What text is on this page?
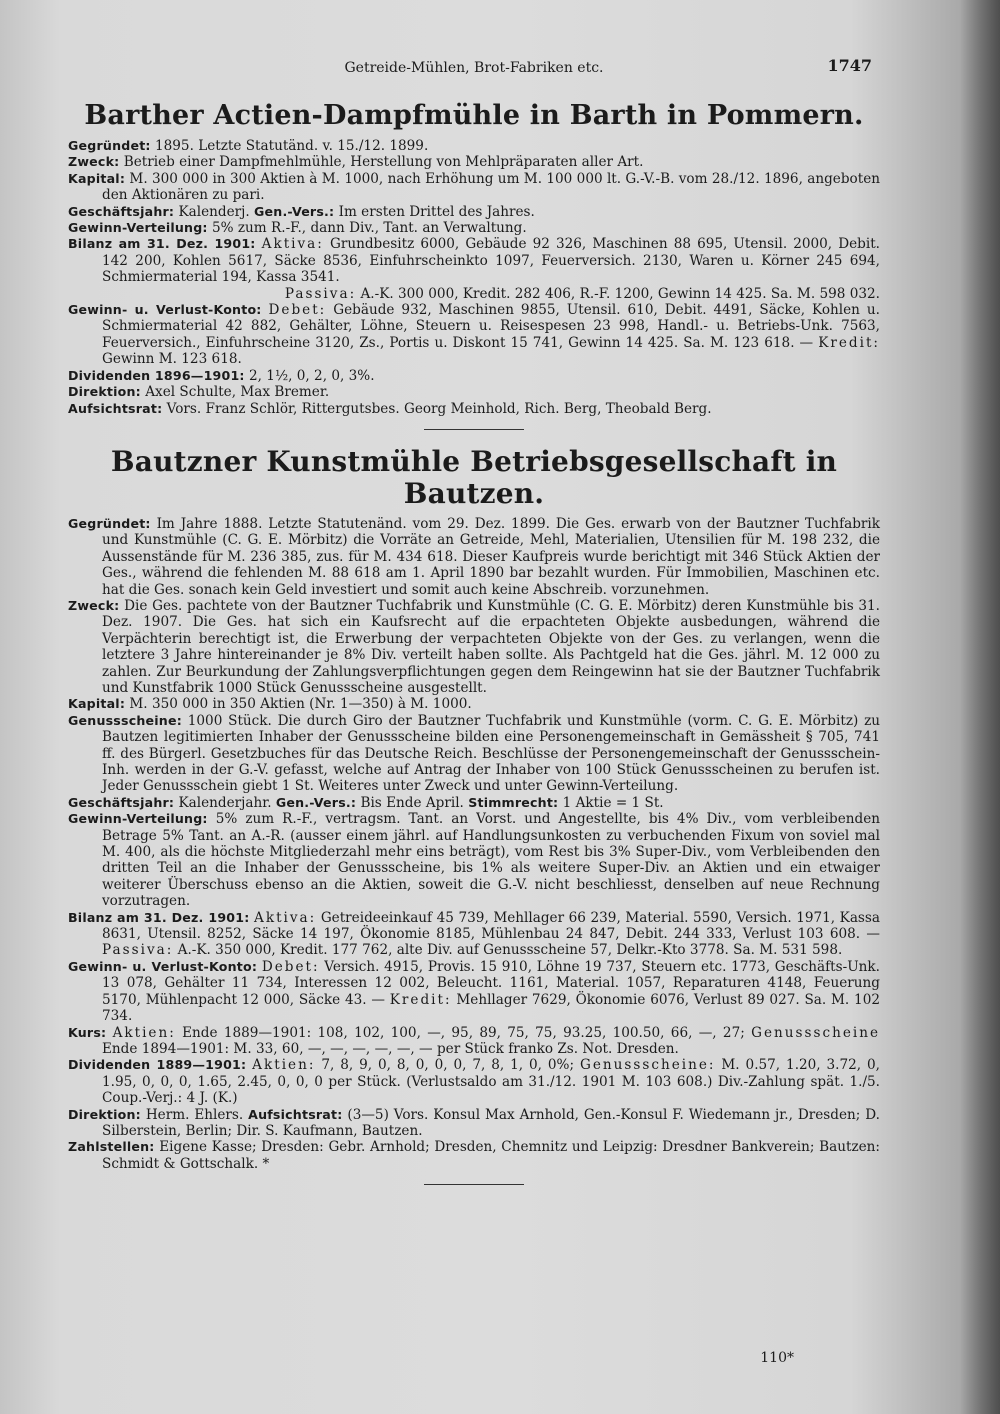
Getreide-Mühlen, Brot-Fabriken etc.	1747
Barther Actien-Dampfmühle in Barth in Pommern.

Gegründet: 1895. Letzte Statutänd. v. 15./12. 1899.

Zweck: Betrieb einer Dampfmehlmühle, Herstellung von Mehlpräparaten aller Art.

Kapital: M. 300 000 in 300 Aktien à M. 1000, nach Erhöhung um M. 100 000 lt. G.-V.-B. vom 28./12. 1896, angeboten den Aktionären zu pari.

Geschäftsjahr: Kalenderj. Gen.-Vers.: Im ersten Drittel des Jahres.

Gewinn-Verteilung: 5% zum R.-F., dann Div., Tant. an Verwaltung.

Bilanz am 31. Dez. 1901: Aktiva: Grundbesitz 6000, Gebäude 92 326, Maschinen 88 695, Utensil. 2000, Debit. 142 200, Kohlen 5617, Säcke 8536, Einfuhrscheinkto 1097, Feuerversich. 2130, Waren u. Körner 245 694, Schmiermaterial 194, Kassa 3541.

Passiva: A.-K. 300 000, Kredit. 282 406, R.-F. 1200, Gewinn 14 425. Sa. M. 598 032.

Gewinn- u. Verlust-Konto: Debet: Gebäude 932, Maschinen 9855, Utensil. 610, Debit. 4491, Säcke, Kohlen u. Schmiermaterial 42 882, Gehälter, Löhne, Steuern u. Reisespesen 23 998, Handl.- u. Betriebs-Unk. 7563, Feuerversich., Einfuhrscheine 3120, Zs., Portis u. Diskont 15 741, Gewinn 14 425. Sa. M. 123 618. — Kredit: Gewinn M. 123 618.

Dividenden 1896—1901: 2, 1½, 0, 2, 0, 3%.

Direktion: Axel Schulte, Max Bremer.

Aufsichtsrat: Vors. Franz Schlör, Rittergutsbes. Georg Meinhold, Rich. Berg, Theobald Berg.

Bautzner Kunstmühle Betriebsgesellschaft in Bautzen.

Gegründet: Im Jahre 1888. Letzte Statutenänd. vom 29. Dez. 1899. Die Ges. erwarb von der Bautzner Tuchfabrik und Kunstmühle (C. G. E. Mörbitz) die Vorräte an Getreide, Mehl, Materialien, Utensilien für M. 198 232, die Aussenstände für M. 236 385, zus. für M. 434 618. Dieser Kaufpreis wurde berichtigt mit 346 Stück Aktien der Ges., während die fehlenden M. 88 618 am 1. April 1890 bar bezahlt wurden. Für Immobilien, Maschinen etc. hat die Ges. sonach kein Geld investiert und somit auch keine Abschreib. vorzunehmen.

Zweck: Die Ges. pachtete von der Bautzner Tuchfabrik und Kunstmühle (C. G. E. Mörbitz) deren Kunstmühle bis 31. Dez. 1907. Die Ges. hat sich ein Kaufsrecht auf die erpachteten Objekte ausbedungen, während die Verpächterin berechtigt ist, die Erwerbung der verpachteten Objekte von der Ges. zu verlangen, wenn die letztere 3 Jahre hintereinander je 8% Div. verteilt haben sollte. Als Pachtgeld hat die Ges. jährl. M. 12 000 zu zahlen. Zur Beurkundung der Zahlungsverpflichtungen gegen dem Reingewinn hat sie der Bautzner Tuchfabrik und Kunstfabrik 1000 Stück Genussscheine ausgestellt.

Kapital: M. 350 000 in 350 Aktien (Nr. 1—350) à M. 1000.

Genussscheine: 1000 Stück. Die durch Giro der Bautzner Tuchfabrik und Kunstmühle (vorm. C. G. E. Mörbitz) zu Bautzen legitimierten Inhaber der Genussscheine bilden eine Personengemeinschaft in Gemässheit § 705, 741 ff. des Bürgerl. Gesetzbuches für das Deutsche Reich. Beschlüsse der Personengemeinschaft der Genussschein-Inh. werden in der G.-V. gefasst, welche auf Antrag der Inhaber von 100 Stück Genussscheinen zu berufen ist. Jeder Genussschein giebt 1 St. Weiteres unter Zweck und unter Gewinn-Verteilung.

Geschäftsjahr: Kalenderjahr. Gen.-Vers.: Bis Ende April. Stimmrecht: 1 Aktie = 1 St.

Gewinn-Verteilung: 5% zum R.-F., vertragsm. Tant. an Vorst. und Angestellte, bis 4% Div., vom verbleibenden Betrage 5% Tant. an A.-R. (ausser einem jährl. auf Handlungsunkosten zu verbuchenden Fixum von soviel mal M. 400, als die höchste Mitgliederzahl mehr eins beträgt), vom Rest bis 3% Super-Div., vom Verbleibenden den dritten Teil an die Inhaber der Genussscheine, bis 1% als weitere Super-Div. an Aktien und ein etwaiger weiterer Überschuss ebenso an die Aktien, soweit die G.-V. nicht beschliesst, denselben auf neue Rechnung vorzutragen.

Bilanz am 31. Dez. 1901: Aktiva: Getreideeinkauf 45 739, Mehllager 66 239, Material. 5590, Versich. 1971, Kassa 8631, Utensil. 8252, Säcke 14 197, Ökonomie 8185, Mühlenbau 24 847, Debit. 244 333, Verlust 103 608. — Passiva: A.-K. 350 000, Kredit. 177 762, alte Div. auf Genussscheine 57, Delkr.-Kto 3778. Sa. M. 531 598.

Gewinn- u. Verlust-Konto: Debet: Versich. 4915, Provis. 15 910, Löhne 19 737, Steuern etc. 1773, Geschäfts-Unk. 13 078, Gehälter 11 734, Interessen 12 002, Beleucht. 1161, Material. 1057, Reparaturen 4148, Feuerung 5170, Mühlenpacht 12 000, Säcke 43. — Kredit: Mehllager 7629, Ökonomie 6076, Verlust 89 027. Sa. M. 102 734.

Kurs: Aktien: Ende 1889—1901: 108, 102, 100, —, 95, 89, 75, 75, 93.25, 100.50, 66, —, 27; Genussscheine Ende 1894—1901: M. 33, 60, —, —, —, —, —, — per Stück franko Zs. Not. Dresden.

Dividenden 1889—1901: Aktien: 7, 8, 9, 0, 8, 0, 0, 0, 7, 8, 1, 0, 0%; Genussscheine: M. 0.57, 1.20, 3.72, 0, 1.95, 0, 0, 0, 1.65, 2.45, 0, 0, 0 per Stück. (Verlustsaldo am 31./12. 1901 M. 103 608.) Div.-Zahlung spät. 1./5. Coup.-Verj.: 4 J. (K.)

Direktion: Herm. Ehlers. Aufsichtsrat: (3—5) Vors. Konsul Max Arnhold, Gen.-Konsul F. Wiedemann jr., Dresden; D. Silberstein, Berlin; Dir. S. Kaufmann, Bautzen.

Zahlstellen: Eigene Kasse; Dresden: Gebr. Arnhold; Dresden, Chemnitz und Leipzig: Dresdner Bankverein; Bautzen: Schmidt & Gottschalk. *

110*
